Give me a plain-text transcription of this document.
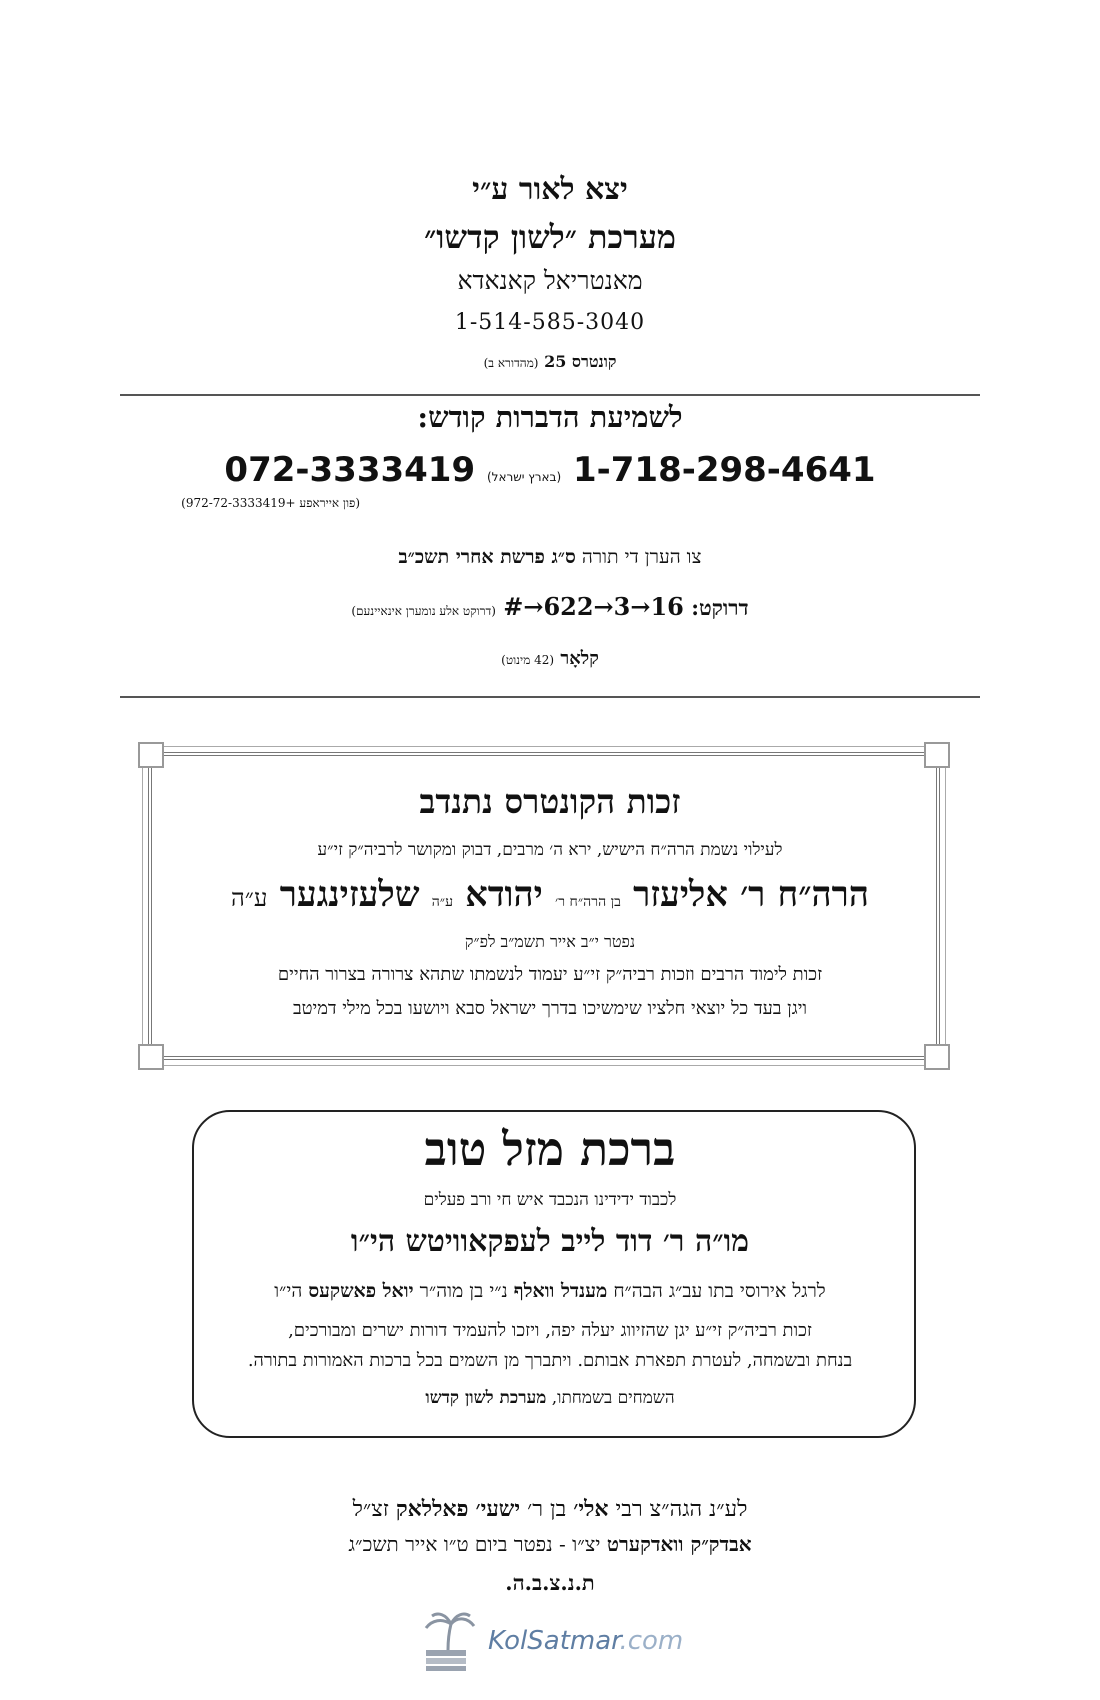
יצא לאור ע״י
מערכת ״לשון קדשו״
מאנטריאל קאנאדא
1-514-585-3040
קונטרס 25 (מהדורא ב)
לשמיעת הדברות קודש:
1-718-298-4641 (בארץ ישראל) 072-3333419
(פון אייראפע +972-72-3333419)
צו הערן די תורה ס״ג פרשת אחרי תשכ״ב
דרוקט: #→622→3→16 (דרוקט אלע נומערן אינאיינעם)
קלאָר (42 מינוט)
זכות הקונטרס נתנדב
לעילוי נשמת הרה״ח הישיש, ירא ה׳ מרבים, דבוק ומקושר לרביה״ק זי״ע
הרה״ח ר׳ אליעזר בן הרה״ח ר׳ יהודא ע״ה שלעזינגער ע״ה
נפטר י״ב אייר תשמ״ב לפ״ק
זכות לימוד הרבים וזכות רביה״ק זי״ע יעמוד לנשמתו שתהא צרורה בצרור החיים
ויגן בעד כל יוצאי חלציו שימשיכו בדרך ישראל סבא ויושעו בכל מילי דמיטב
ברכת מזל טוב
לכבוד ידידינו הנכבד איש חי ורב פעלים
מו״ה ר׳ דוד לייב לעפקאוויטש הי״ו
לרגל אירוסי בתו עב״ג הבה״ח מענדל וואלף נ״י בן מוה״ר יואל פאשקעס הי״ו
זכות רביה״ק זי״ע יגן שהזיווג יעלה יפה, ויזכו להעמיד דורות ישרים ומבורכים,
בנחת ובשמחה, לעטרת תפארת אבותם. ויתברך מן השמים בכל ברכות האמורות בתורה.
השמחים בשמחתו, מערכת לשון קדשו
לע״נ הגה״צ רבי אלי׳ בן ר׳ ישעי׳ פאללאק זצ״ל
אבדק״ק וואדקערט יצ״ו - נפטר ביום ט״ו אייר תשכ״ג
ת.נ.צ.ב.ה.
KolSatmar.com
